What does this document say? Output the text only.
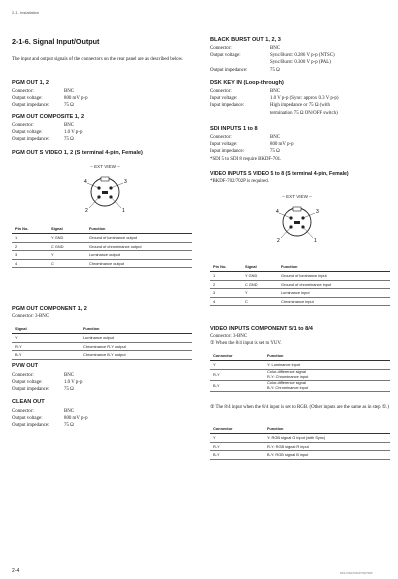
2-1. Installation
2-1-6. Signal Input/Output
The input and output signals of the connectors on the rear panel are as described below.
PGM OUT 1, 2
Connector:	BNC
Output voltage:	800 mV p-p
Output impedance:	75 Ω
PGM OUT COMPOSITE 1, 2
Connector:	BNC
Output voltage:	1.0 V p-p
Output impedance:	75 Ω
PGM OUT S VIDEO 1, 2 (S terminal 4-pin, Female)
– EXT VIEW –
4	3
2	1
Pin No.	Signal	Function
1	Y GND	Ground of luminance output
2	C GND	Ground of chrominance output
3	Y	Luminance output
4	C	Chrominance output
PGM OUT COMPONENT 1, 2
Connector: 3-BNC
Signal	Function
Y	Luminance output
R-Y	Chrominance R-Y output
B-Y	Chrominance B-Y output
PVW OUT
Connector:	BNC
Output voltage:	1.0 V p-p
Output impedance:	75 Ω
CLEAN OUT
Connector:	BNC
Output voltage:	800 mV p-p
Output impedance:	75 Ω
BLACK BURST OUT 1, 2, 3
Connector:	BNC
Output voltage:	Sync/Burst: 0.286 V p-p (NTSC)
Sync/Burst: 0.300 V p-p (PAL)
Output impedance:	75 Ω
DSK KEY IN (Loop-through)
Connector:	BNC
Input voltage:	1.0 V p-p (Sync: approx 0.3 V p-p)
Input impedance:	High impedance or 75 Ω (with
termination 75 Ω ON/OFF switch)
SDI INPUTS 1 to 8
Connector:	BNC
Input voltage:	800 mV p-p
Input impedance:	75 Ω
*SDI 5 to SDI 8 require BKDF-701.
VIDEO INPUTS S VIDEO 5 to 8 (S terminal 4-pin, Female)
*BKDF-702/702P is required.
– EXT VIEW –
4	3
2	1
Pin No.	Signal	Function
1	Y GND	Ground of luminance input
2	C GND	Ground of chrominance input
3	Y	Luminance input
4	C	Chrominance input
VIDEO INPUTS COMPONENT 5/1 to 8/4
Connector: 3-BNC
① When the 8/4 input is set to YUV.
Connector	Function
Y	Y: Luminance input
R-Y	Color-difference signal
R-Y: Chrominance input
B-Y	Color-difference signal
B-Y: Chrominance input
② The 8/4 input when the 8/4 input is set to RGB. (Other inputs are the same as in step ①.)
Connector	Function
Y	Y: RGB signal G input (with Sync)
R-Y	R-Y: RGB signal R input
B-Y	B-Y: RGB signal B input
2-4	DFS-700A/700AP/700/700P
